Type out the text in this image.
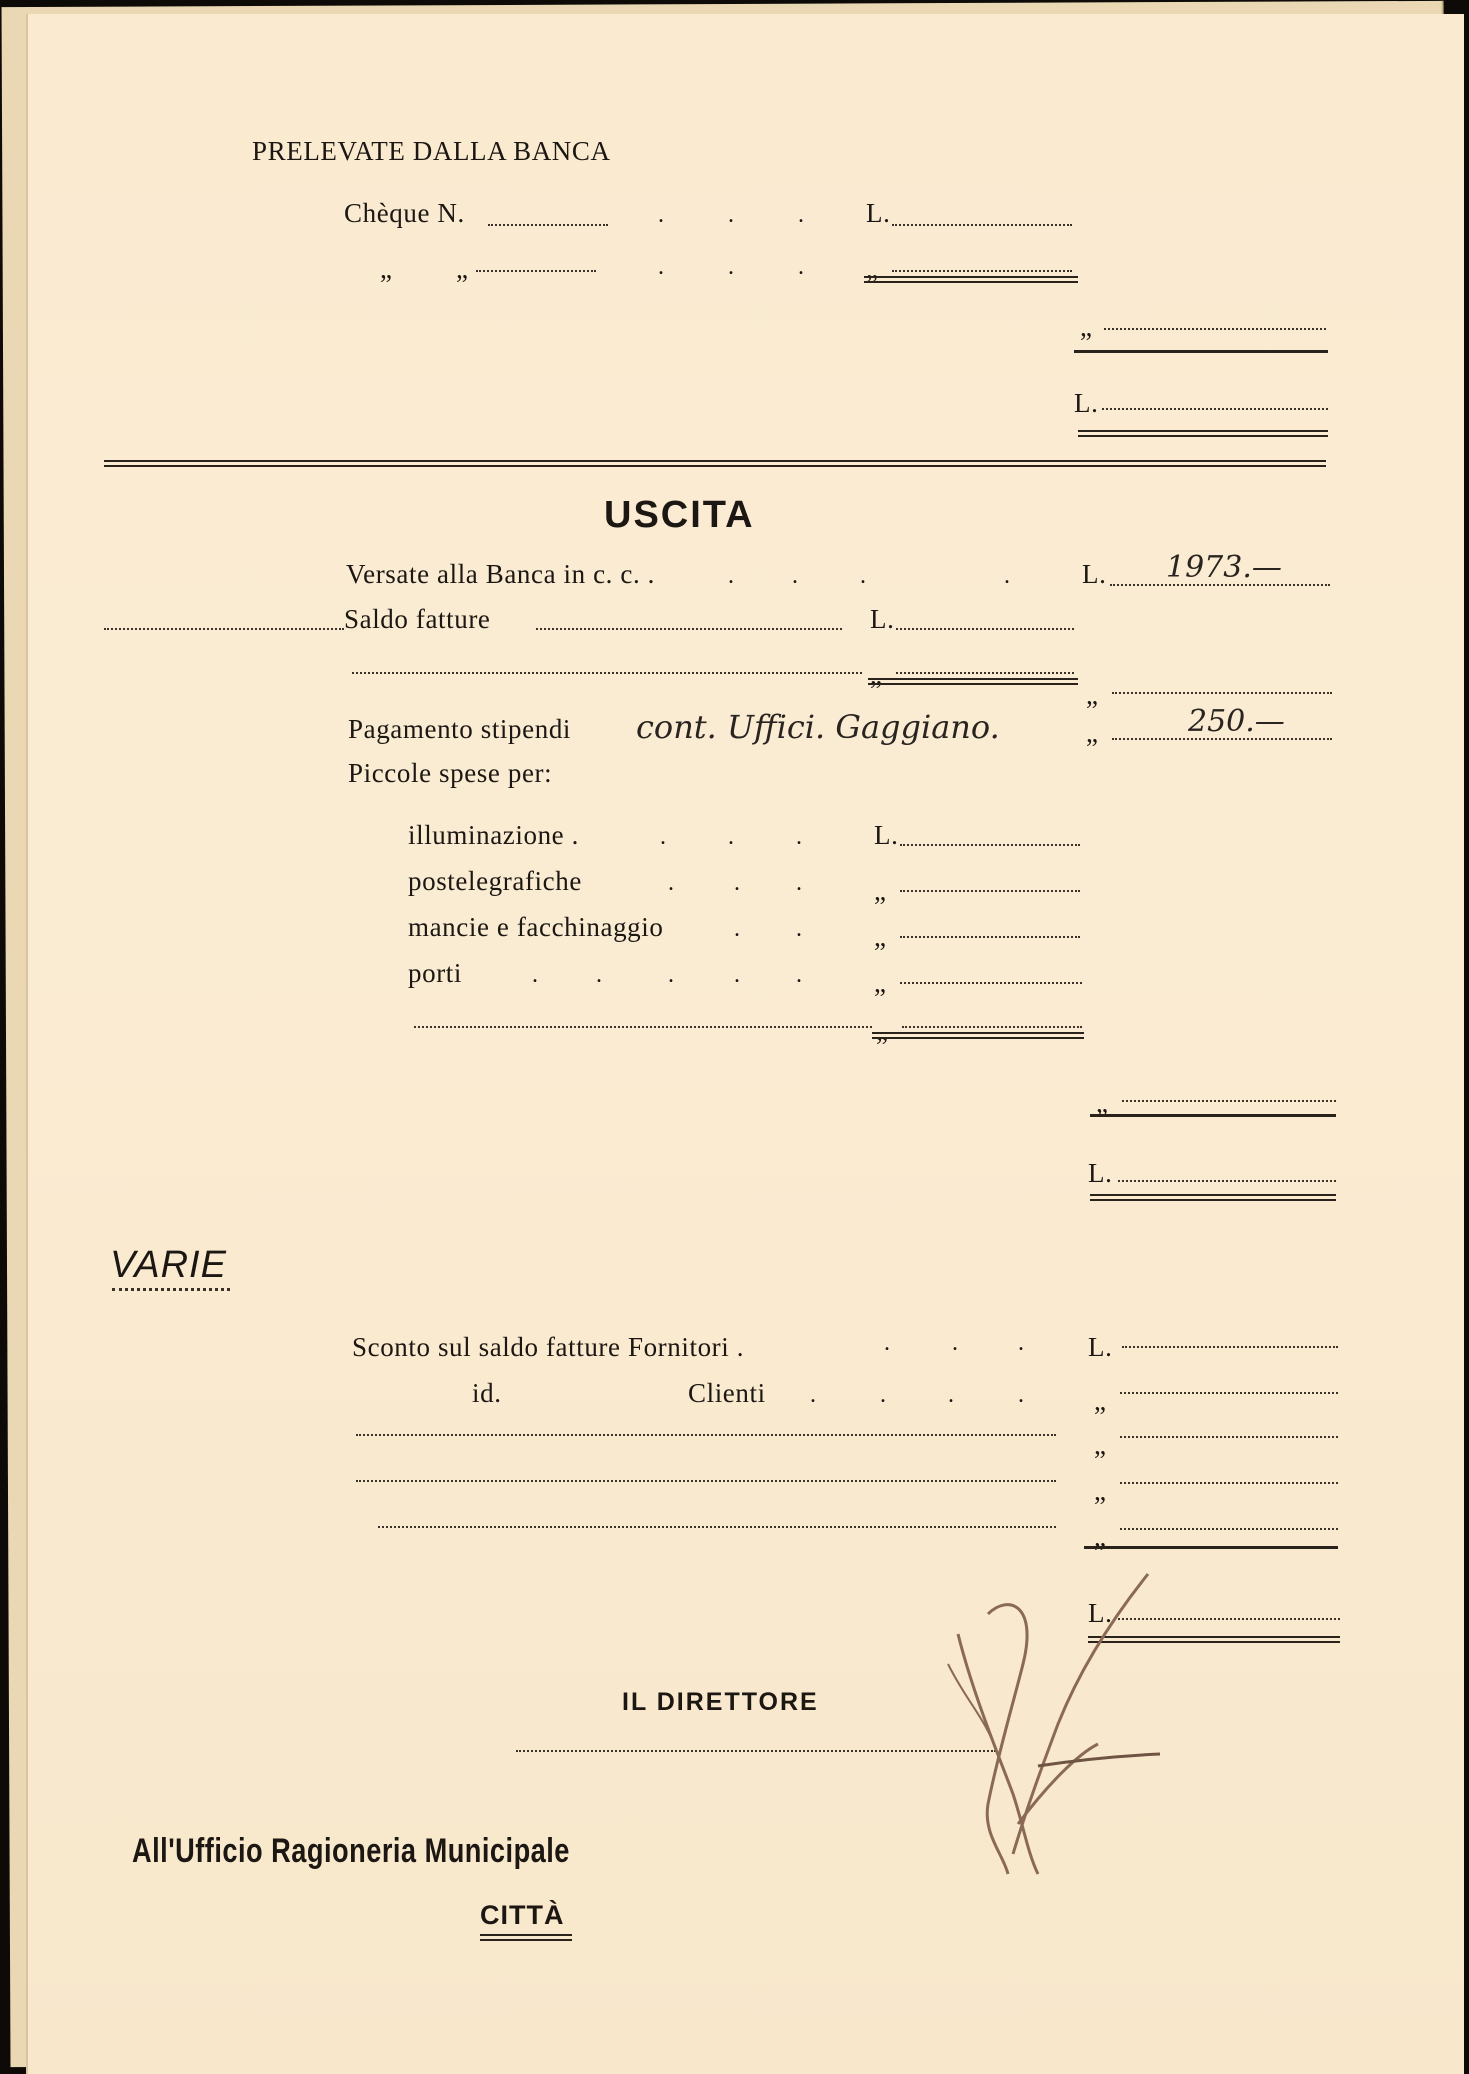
PRELEVATE DALLA BANCA
Chèque N.	.	.	. L.
„ „	.	.	. „
„
L.
USCITA
Versate alla Banca in c. c. .	. .	.	.	L. 1973.—
Saldo fatture	L.
„
„
Pagamento stipendi cont. Uffici. Gaggiano.	„	250.—
Piccole spese per:
illuminazione .	.	.	.	L.
postelegrafiche	. . .	„
mancie e facchinaggio	. .	„
porti	. .	. . .	„
„
„
L.
VARIE
Sconto sul saldo fatture Fornitori .	.	. . L.
id.	Clienti .	.	.	.	„
„
„
„
L.
IL DIRETTORE
All'Ufficio Ragioneria Municipale
CITTÀ
